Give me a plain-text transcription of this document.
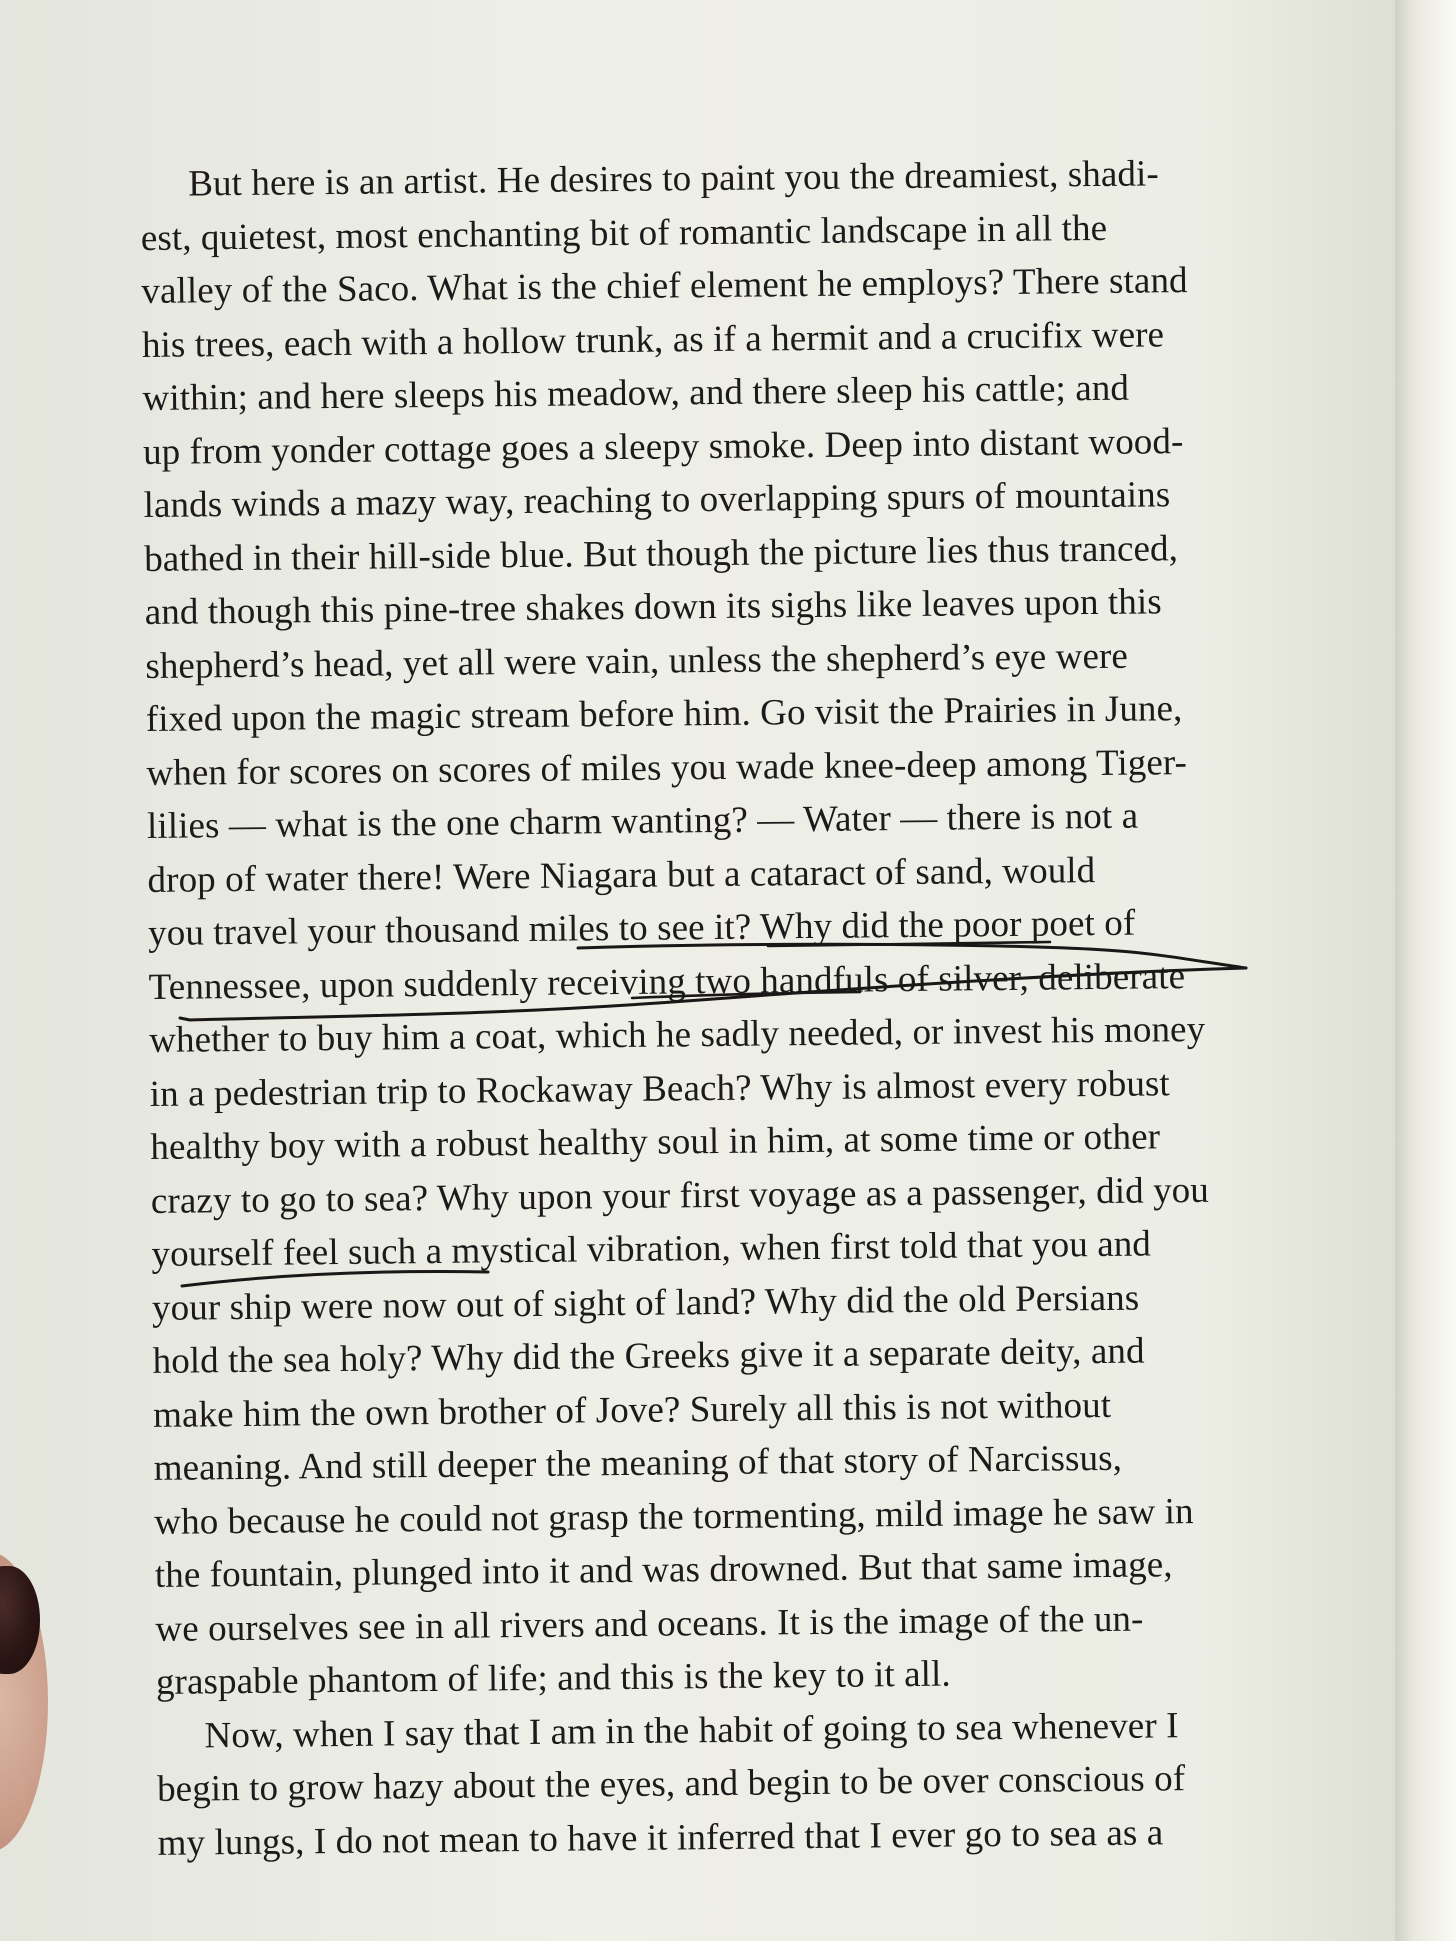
But here is an artist. He desires to paint you the dreamiest, shadi-
est, quietest, most enchanting bit of romantic landscape in all the
valley of the Saco. What is the chief element he employs? There stand
his trees, each with a hollow trunk, as if a hermit and a crucifix were
within; and here sleeps his meadow, and there sleep his cattle; and
up from yonder cottage goes a sleepy smoke. Deep into distant wood-
lands winds a mazy way, reaching to overlapping spurs of mountains
bathed in their hill-side blue. But though the picture lies thus tranced,
and though this pine-tree shakes down its sighs like leaves upon this
shepherd’s head, yet all were vain, unless the shepherd’s eye were
fixed upon the magic stream before him. Go visit the Prairies in June,
when for scores on scores of miles you wade knee-deep among Tiger-
lilies — what is the one charm wanting? — Water — there is not a
drop of water there! Were Niagara but a cataract of sand, would
you travel your thousand miles to see it? Why did the poor poet of
Tennessee, upon suddenly receiving two handfuls of silver, deliberate
whether to buy him a coat, which he sadly needed, or invest his money
in a pedestrian trip to Rockaway Beach? Why is almost every robust
healthy boy with a robust healthy soul in him, at some time or other
crazy to go to sea? Why upon your first voyage as a passenger, did you
yourself feel such a mystical vibration, when first told that you and
your ship were now out of sight of land? Why did the old Persians
hold the sea holy? Why did the Greeks give it a separate deity, and
make him the own brother of Jove? Surely all this is not without
meaning. And still deeper the meaning of that story of Narcissus,
who because he could not grasp the tormenting, mild image he saw in
the fountain, plunged into it and was drowned. But that same image,
we ourselves see in all rivers and oceans. It is the image of the un-
graspable phantom of life; and this is the key to it all.
Now, when I say that I am in the habit of going to sea whenever I
begin to grow hazy about the eyes, and begin to be over conscious of
my lungs, I do not mean to have it inferred that I ever go to sea as a
